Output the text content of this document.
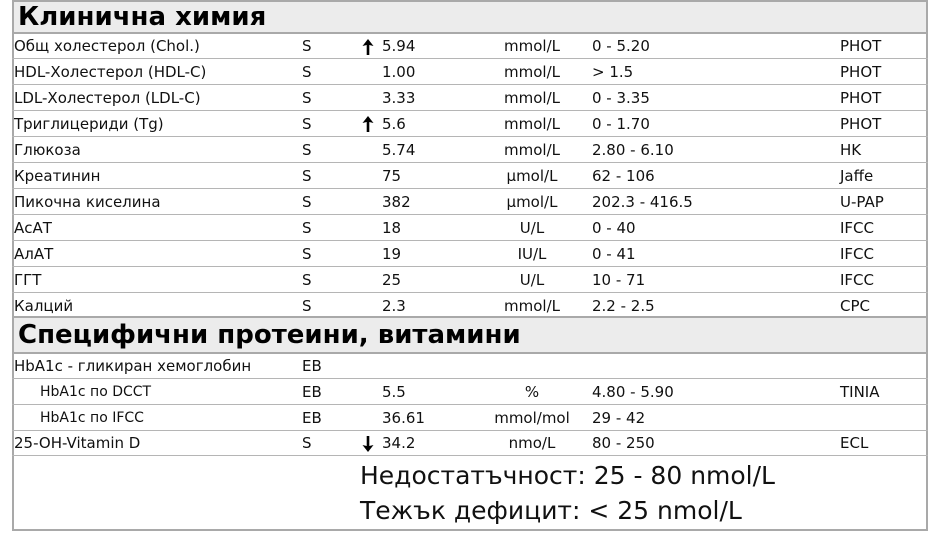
Клинична химия
Общ холестерол (Chol.)	S	5.94	mmol/L	0 - 5.20	PHOT
HDL-Холестерол (HDL-C)	S	1.00	mmol/L	> 1.5	PHOT
LDL-Холестерол (LDL-C)	S	3.33	mmol/L	0 - 3.35	PHOT
Триглицериди (Tg)	S	5.6	mmol/L	0 - 1.70	PHOT
Глюкоза	S	5.74	mmol/L	2.80 - 6.10	HK
Креатинин	S	75	µmol/L	62 - 106	Jaffe
Пикочна киселина	S	382	µmol/L	202.3 - 416.5	U-PAP
АсАТ	S	18	U/L	0 - 40	IFCC
АлАТ	S	19	IU/L	0 - 41	IFCC
ГГТ	S	25	U/L	10 - 71	IFCC
Калций	S	2.3	mmol/L	2.2 - 2.5	CPC
Специфични протеини, витамини
HbA1c - гликиран хемоглобин	EB
HbA1c по DCCT	EB	5.5	%	4.80 - 5.90	TINIA
HbA1c по IFCC	EB	36.61	mmol/mol	29 - 42
25-OH-Vitamin D	S	34.2	nmo/L	80 - 250	ECL
Недостатъчност: 25 - 80 nmol/L
Тежък дефицит: < 25 nmol/L
